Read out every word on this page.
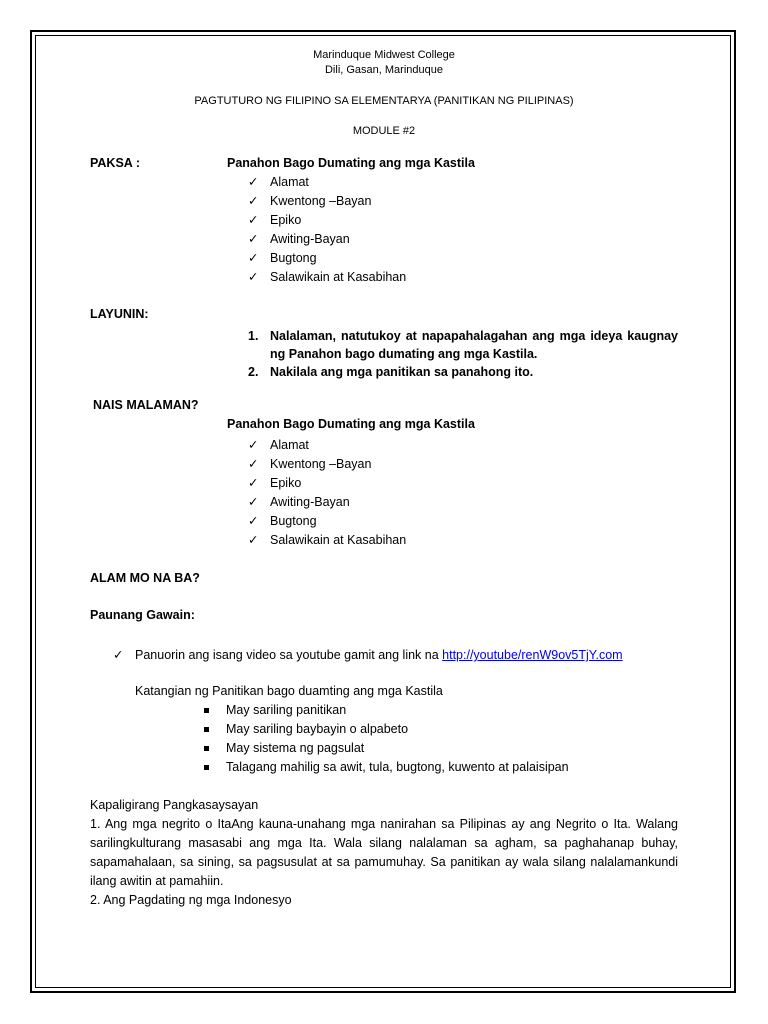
Marinduque Midwest College
Dili, Gasan, Marinduque
PAGTUTURO NG FILIPINO SA ELEMENTARYA (PANITIKAN NG PILIPINAS)
MODULE #2
PAKSA :	Panahon Bago Dumating ang mga Kastila
✓ Alamat
✓ Kwentong –Bayan
✓ Epiko
✓ Awiting-Bayan
✓ Bugtong
✓ Salawikain at Kasabihan
LAYUNIN:
1. Nalalaman, natutukoy at napapahalagahan ang mga ideya kaugnay ng Panahon bago dumating ang mga Kastila.
2. Nakilala ang mga panitikan sa panahong ito.
NAIS MALAMAN?
Panahon Bago Dumating ang mga Kastila
✓ Alamat
✓ Kwentong –Bayan
✓ Epiko
✓ Awiting-Bayan
✓ Bugtong
✓ Salawikain at Kasabihan
ALAM MO NA BA?
Paunang Gawain:
✓ Panuorin ang isang video sa youtube gamit ang link na http://youtube/renW9ov5TjY.com
Katangian ng Panitikan bago duamting ang mga Kastila
May sariling panitikan
May sariling baybayin o alpabeto
May sistema ng pagsulat
Talagang mahilig sa awit, tula, bugtong, kuwento at palaisipan
Kapaligirang Pangkasaysayan
1. Ang mga negrito o ItaAng kauna-unahang mga nanirahan sa Pilipinas ay ang Negrito o Ita. Walang sarilingkulturang masasabi ang mga Ita. Wala silang nalalaman sa agham, sa paghahanap buhay, sapamahalaan, sa sining, sa pagsusulat at sa pamumuhay. Sa panitikan ay wala silang nalalamankundi ilang awitin at pamahiin.
2. Ang Pagdating ng mga Indonesyo
